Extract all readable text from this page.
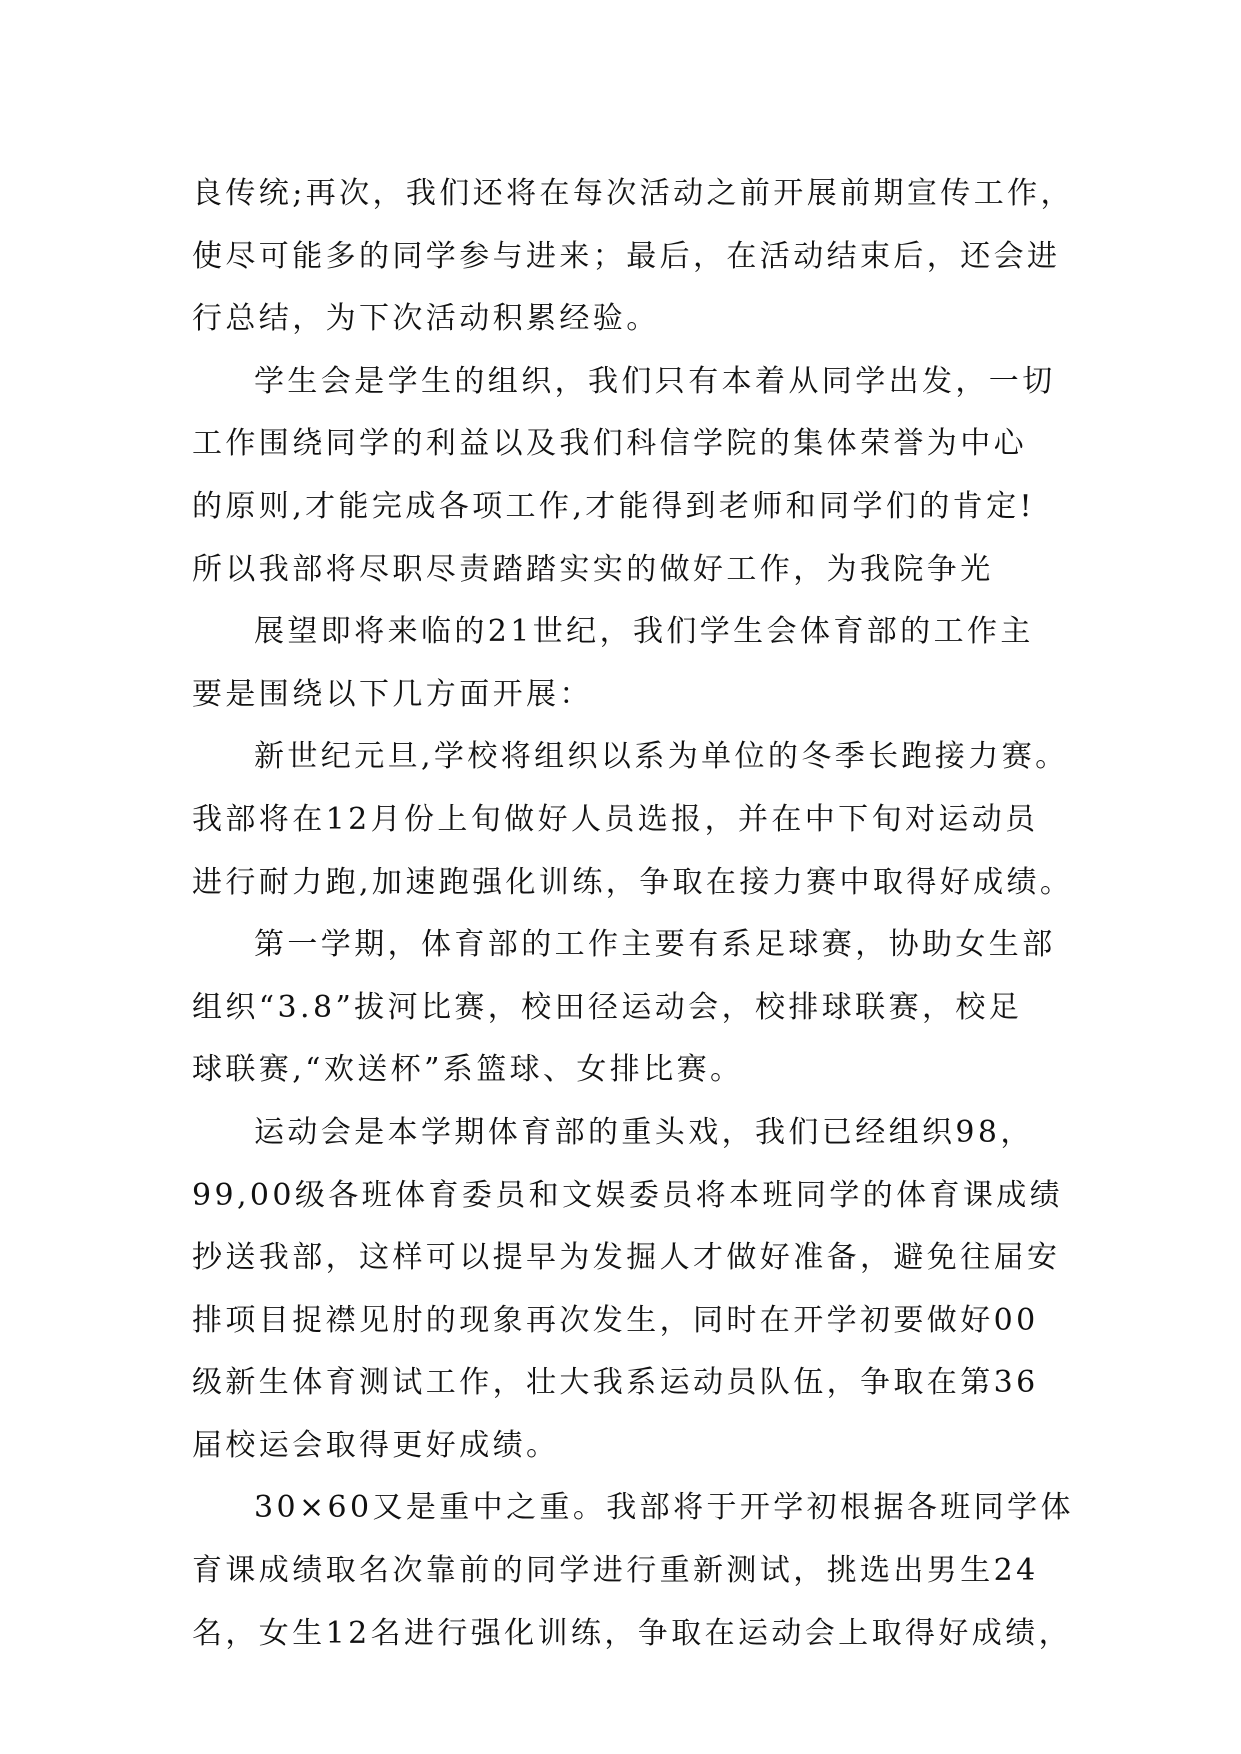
良传统;再次，我们还将在每次活动之前开展前期宣传工作，
使尽可能多的同学参与进来；最后，在活动结束后，还会进
行总结，为下次活动积累经验。
学生会是学生的组织，我们只有本着从同学出发，一切
工作围绕同学的利益以及我们科信学院的集体荣誉为中心
的原则,才能完成各项工作,才能得到老师和同学们的肯定!
所以我部将尽职尽责踏踏实实的做好工作，为我院争光
展望即将来临的21世纪，我们学生会体育部的工作主
要是围绕以下几方面开展：
新世纪元旦,学校将组织以系为单位的冬季长跑接力赛。
我部将在12月份上旬做好人员选报，并在中下旬对运动员
进行耐力跑,加速跑强化训练，争取在接力赛中取得好成绩。
第一学期，体育部的工作主要有系足球赛，协助女生部
组织“3.8”拔河比赛，校田径运动会，校排球联赛，校足
球联赛,“欢送杯”系篮球、女排比赛。
运动会是本学期体育部的重头戏，我们已经组织98，
99,00级各班体育委员和文娱委员将本班同学的体育课成绩
抄送我部，这样可以提早为发掘人才做好准备，避免往届安
排项目捉襟见肘的现象再次发生，同时在开学初要做好00
级新生体育测试工作，壮大我系运动员队伍，争取在第36
届校运会取得更好成绩。
30×60又是重中之重。我部将于开学初根据各班同学体
育课成绩取名次靠前的同学进行重新测试，挑选出男生24
名，女生12名进行强化训练，争取在运动会上取得好成绩，
